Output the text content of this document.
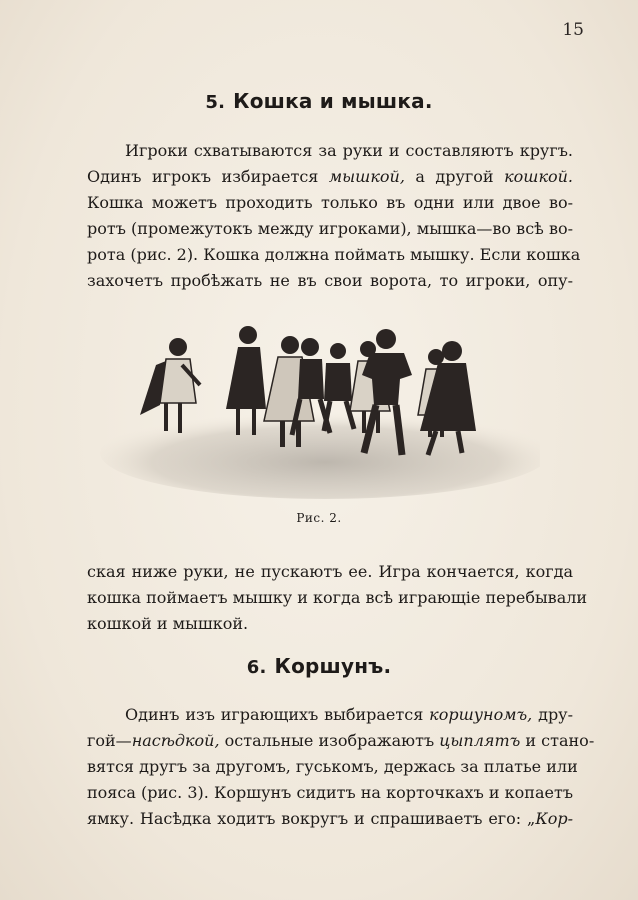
15
5. Кошка и мышка.
Игроки схватываются за руки и составляютъ кругъ.
Одинъ игрокъ избирается мышкой, а другой кошкой.
Кошка можетъ проходить только въ одни или двое во-
ротъ (промежутокъ между игроками), мышка—во всѣ во-
рота (рис. 2). Кошка должна поймать мышку. Если кошка
захочетъ пробѣжать не въ свои ворота, то игроки, опу-
Рис. 2.
ская ниже руки, не пускаютъ ее. Игра кончается, когда
кошка поймаетъ мышку и когда всѣ играющіе перебывали
кошкой и мышкой.
6. Коршунъ.
Одинъ изъ играющихъ выбирается коршуномъ, дру-
гой—насѣдкой, остальные изображаютъ цыплятъ и стано-
вятся другъ за другомъ, гуськомъ, держась за платье или
пояса (рис. 3). Коршунъ сидитъ на корточкахъ и копаетъ
ямку. Насѣдка ходитъ вокругъ и спрашиваетъ его: „Кор-
